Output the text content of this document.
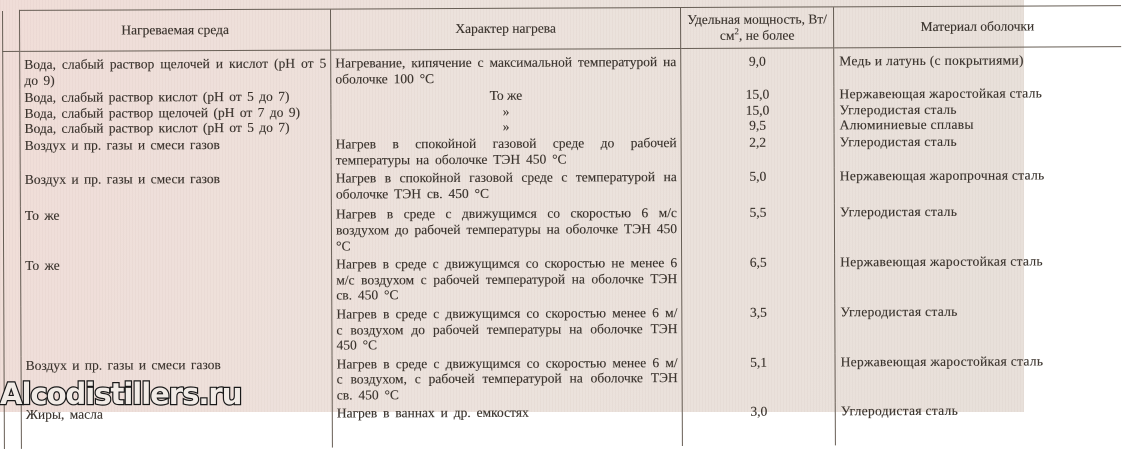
	Нагреваемая среда	Характер нагрева	Удельная мощность, Вт/
$см^2$, не более	Материал оболочки
	Вода, слабый раствор щелочей и кислот (pH от 5 до 9)	Нагревание, кипячение с максимальной температурой на оболочке 100 °C	9,0	Медь и латунь (с покрытиями)
	Вода, слабый раствор кислот (pH от 5 до 7)	То же	15,0	Нержавеющая жаростойкая сталь
	Вода, слабый раствор щелочей (pH от 7 до 9)	»	15,0	Углеродистая сталь
	Вода, слабый раствор кислот (pH от 5 до 7)	»	9,5	Алюминиевые сплавы
	Воздух и пр. газы и смеси газов	Нагрев в спокойной газовой среде до рабочей температуры на оболочке ТЭН 450 °C	2,2	Углеродистая сталь
	Воздух и пр. газы и смеси газов	Нагрев в спокойной газовой среде с температурой на оболочке ТЭН св. 450 °C	5,0	Нержавеющая жаропрочная сталь
	То же	Нагрев в среде с движущимся со скоростью 6 м/с воздухом до рабочей температуры на оболочке ТЭН 450 °C	5,5	Углеродистая сталь
	То же	Нагрев в среде с движущимся со скоростью не менее 6 м/с воздухом с рабочей температурой на оболочке ТЭН св. 450 °C	6,5	Нержавеющая жаростойкая сталь
		Нагрев в среде с движущимся со скоростью менее 6 м/с воздухом до рабочей температуры на оболочке ТЭН 450 °C	3,5	Углеродистая сталь
	Воздух и пр. газы и смеси газов	Нагрев в среде с движущимся со скоростью менее 6 м/с воздухом, с рабочей температурой на оболочке ТЭН св. 450 °C	5,1	Нержавеющая жаростойкая сталь
	Жиры, масла	Нагрев в ваннах и др. емкостях	3,0	Углеродистая сталь
Alcodistillers.ru
